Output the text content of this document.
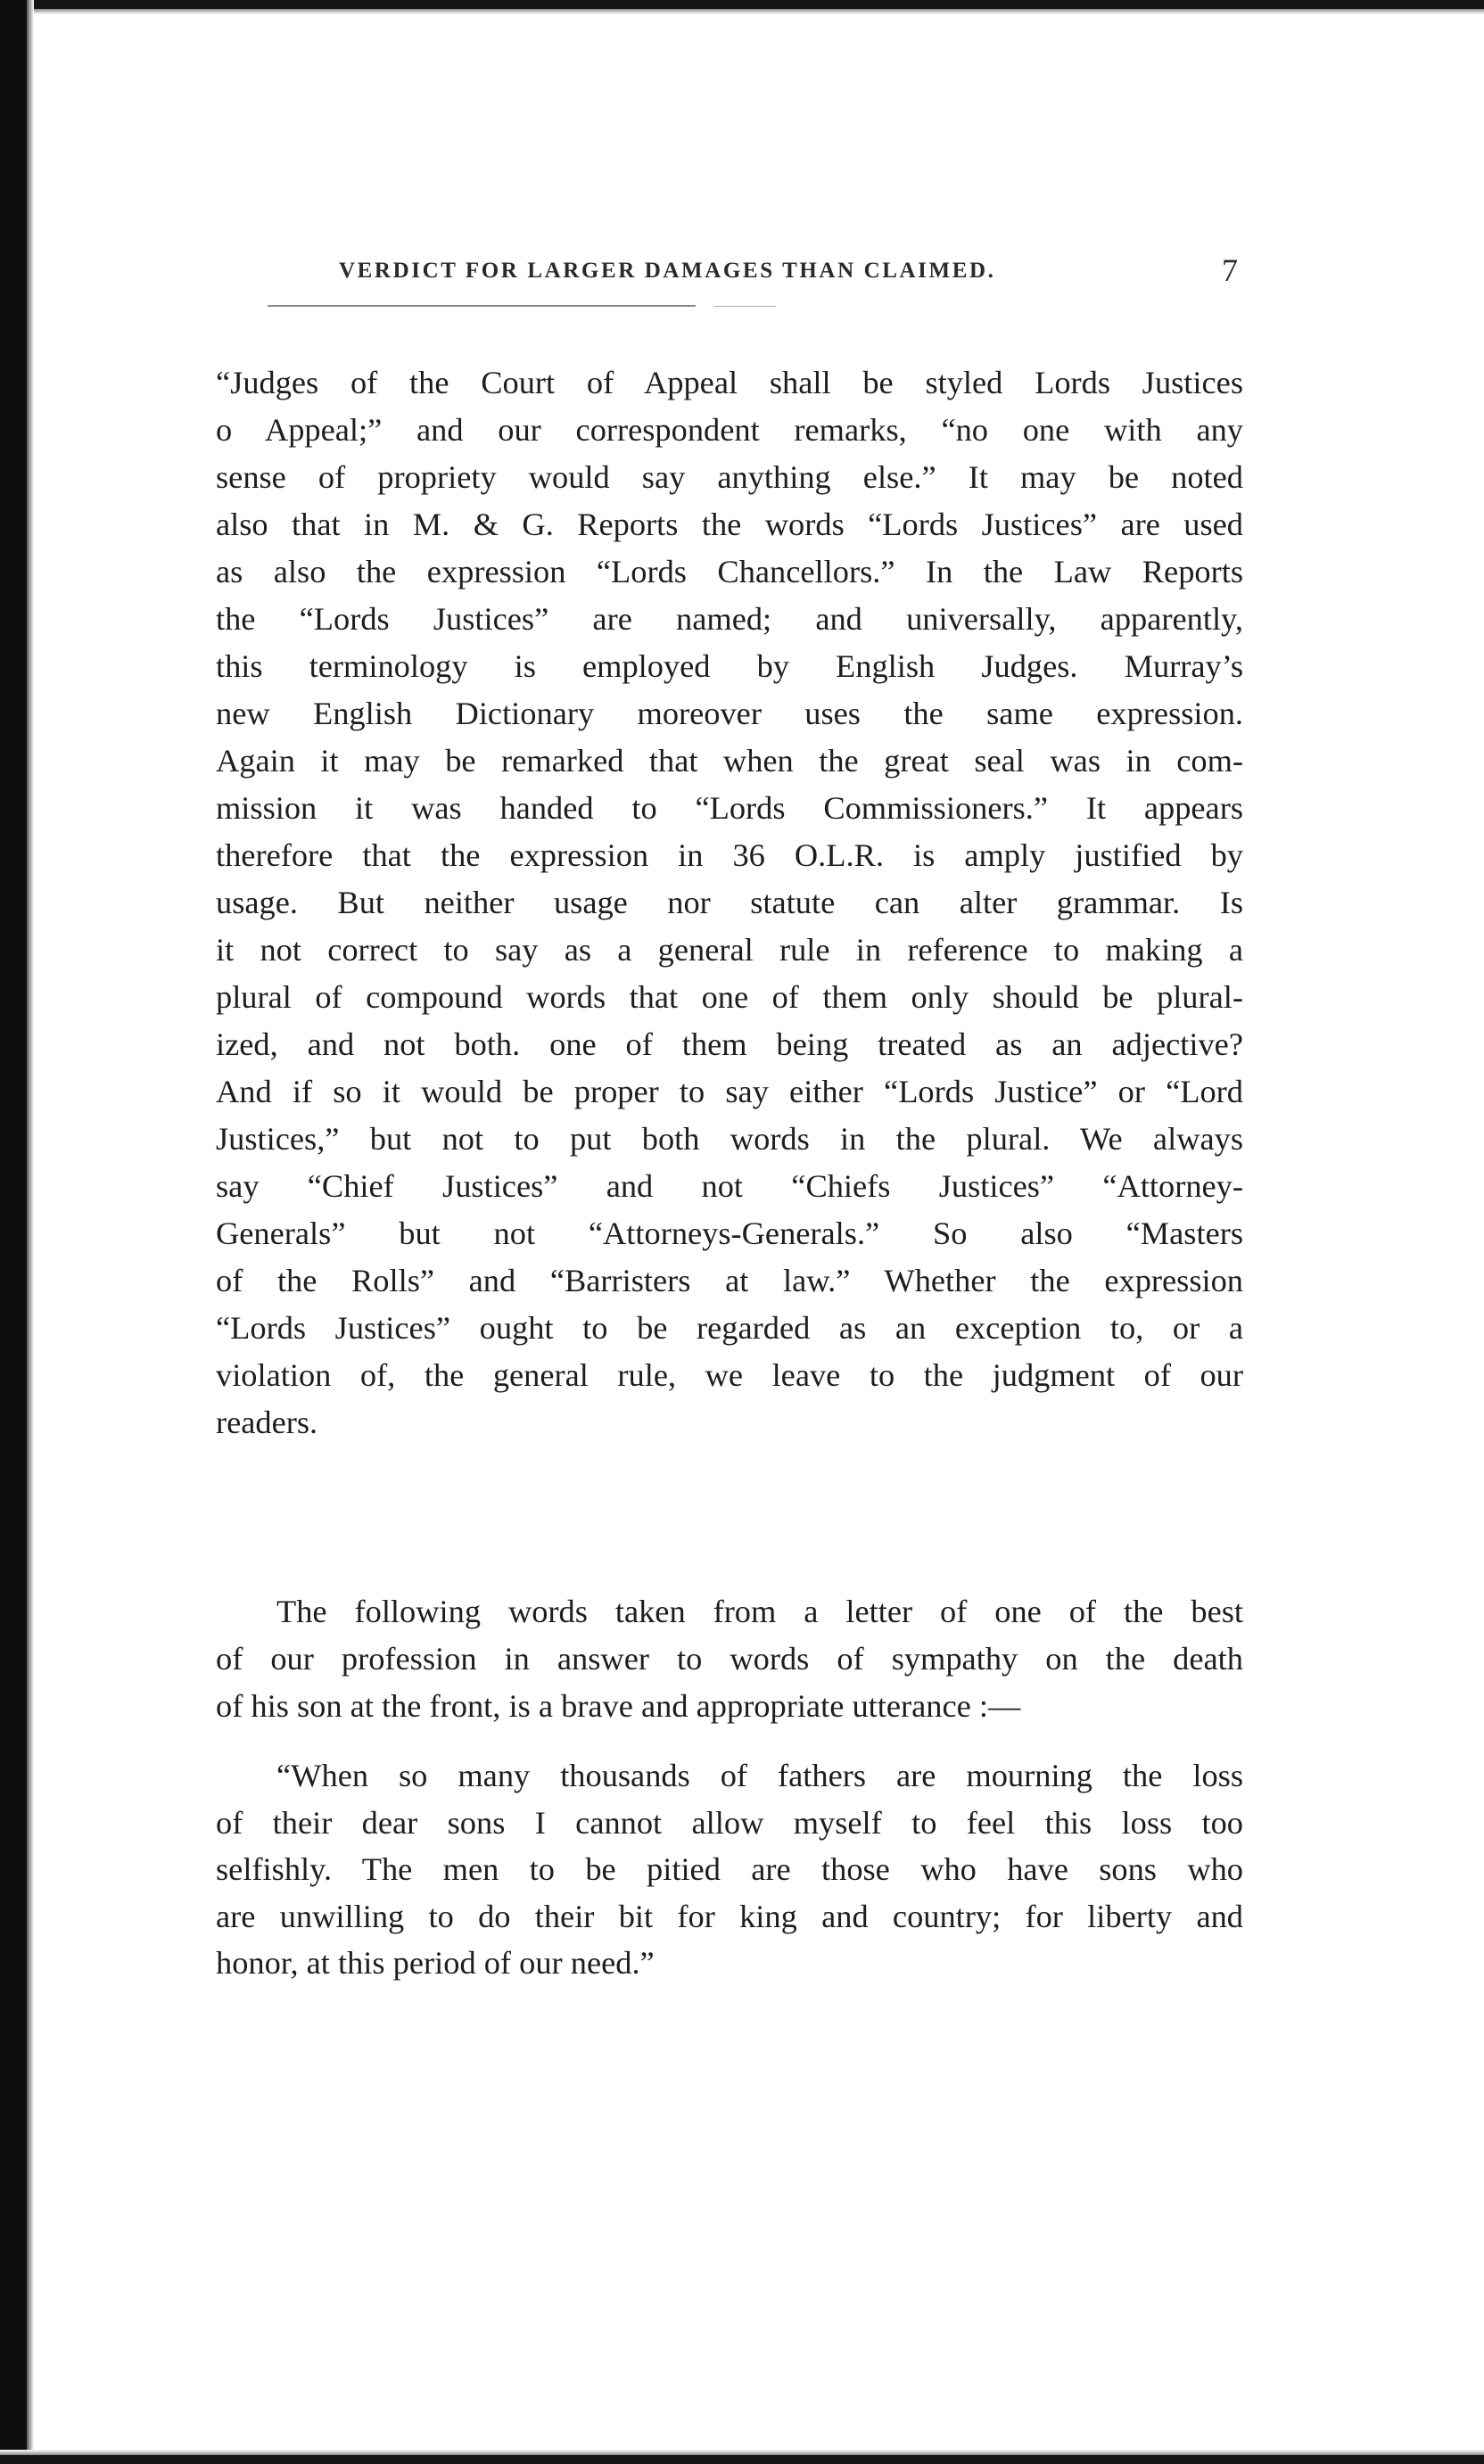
VERDICT FOR LARGER DAMAGES THAN CLAIMED.	7
“Judges of the Court of Appeal shall be styled Lords Justices
o Appeal;” and our correspondent remarks, “no one with any
sense of propriety would say anything else.” It may be noted
also that in M. & G. Reports the words “Lords Justices” are used
as also the expression “Lords Chancellors.” In the Law Reports
the “Lords Justices” are named; and universally, apparently,
this terminology is employed by English Judges. Murray’s
new English Dictionary moreover uses the same expression.
Again it may be remarked that when the great seal was in com-
mission it was handed to “Lords Commissioners.” It appears
therefore that the expression in 36 O.L.R. is amply justified by
usage. But neither usage nor statute can alter grammar. Is
it not correct to say as a general rule in reference to making a
plural of compound words that one of them only should be plural-
ized, and not both. one of them being treated as an adjective?
And if so it would be proper to say either “Lords Justice” or “Lord
Justices,” but not to put both words in the plural. We always
say “Chief Justices” and not “Chiefs Justices” “Attorney-
Generals” but not “Attorneys-Generals.” So also “Masters
of the Rolls” and “Barristers at law.” Whether the expression
“Lords Justices” ought to be regarded as an exception to, or a
violation of, the general rule, we leave to the judgment of our
readers.
The following words taken from a letter of one of the best
of our profession in answer to words of sympathy on the death
of his son at the front, is a brave and appropriate utterance :—
“When so many thousands of fathers are mourning the loss
of their dear sons I cannot allow myself to feel this loss too
selfishly. The men to be pitied are those who have sons who
are unwilling to do their bit for king and country; for liberty and
honor, at this period of our need.”
